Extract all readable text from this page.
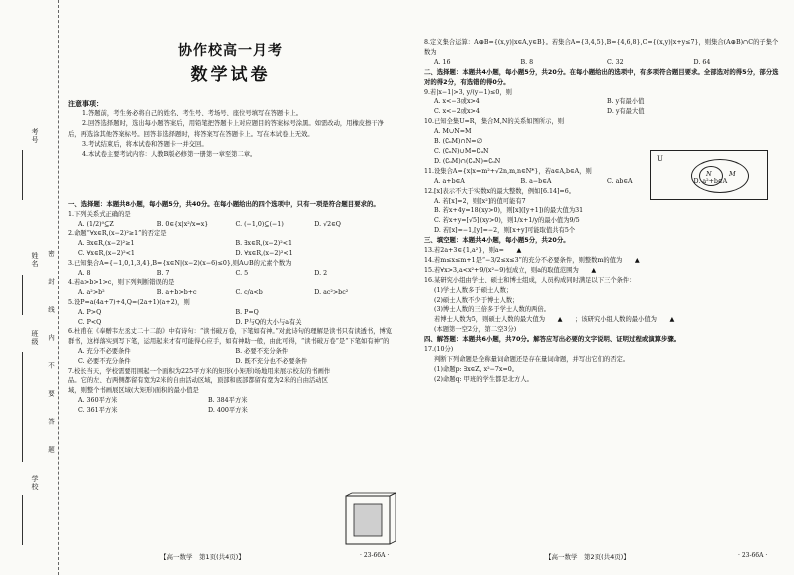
考号
姓名
班级
学校
密
封
线
内
不
要
答
题
协作校高一月考
数学试卷

注意事项：

1.答题前，考生务必将自己的姓名、考生号、考场号、座位号填写在答题卡上。

2.回答选择题时，选出每小题答案后，用铅笔把答题卡上对应题目的答案标号涂黑。如需改动，用橡皮擦干净后，再选涂其他答案标号。回答非选择题时，将答案写在答题卡上。写在本试卷上无效。

3.考试结束后，将本试卷和答题卡一并交回。

4.本试卷主要考试内容：人教B版必修第一册第一章至第二章。

一、选择题：本题共8小题，每小题5分，共40分。在每小题给出的四个选项中，只有一项是符合题目要求的。

1.下列关系式正确的是

A. (1/2)⁰⊆Z	B. 0∈{x|x²/x=x}	C. (−1,0)⊆(−1)	D. √2∈Q

2.命题“∀x∈R,(x−2)²≥1”的否定是

A. ∃x∈R,(x−2)²≥1	B. ∃x∈R,(x−2)²<1
C. ∀x∈R,(x−2)²<1	D. ∀x∈R,(x−2)²<1

3.已知集合A={−1,0,1,3,4},B={x∈N|(x−2)(x−6)≤0},则A∪B的元素个数为

A. 8	B. 7	C. 5	D. 2

4.若a>b>1>c，则下列判断错误的是

A. a²>b²	B. a+b>b+c	C. c/a<b	D. ac²>bc²

5.设P=a(4a+7)+4,Q=(2a+1)(a+2)，则

A. P>Q	B. P=Q
C. P<Q	D. P与Q的大小与a有关

6.杜甫在《奉赠韦左丞丈二十二韵》中有诗句：“读书破万卷，下笔如有神。”对此诗句的理解是读书只有读透书，博览群书，这样落实到写下笔，运用起来才有可能得心应手，如有神助一般，由此可得，“读书破万卷”是“下笔如有神”的

A. 充分不必要条件	B. 必要不充分条件
C. 必要不充分条件	D. 既不充分也不必要条件

7.校长当天，学校需要用围起一个面积为225平方米的矩形(小矩形)场地用来展示校友的书画作品。它的左、右两侧都留有宽为2米的自由活动区域，顶部和底部都留有宽为2米的自由活动区域，则整个书画展区域(大矩形)面积的最小值是

A. 360平方米	B. 384平方米
C. 361平方米	D. 400平方米

8.定义集合运算：A⊕B={(x,y)|x∈A,y∈B}。若集合A={3,4,5},B={4,6,8},C={(x,y)|x+y≤7}，则集合(A⊕B)∩C的子集个数为

A. 16	B. 8	C. 32	D. 64

二、选择题：本题共4小题，每小题5分，共20分。在每小题给出的选项中，有多项符合题目要求。全部选对的得5分，部分选对的得2分，有选错的得0分。

9.若|x−1|>3, y/(y−1)≤0，则

A. x<−3或x>4	B. y有最小值
C. x<−2或x>4	D. y有最大值

10.已知全集U=R，集合M,N的关系如图所示，则

A. M∪N=M

B. (∁ᵤM)∩N=∅

C. (∁ᵤN)∪M=∁ᵤN

D. (∁ᵤM)∩(∁ᵤN)=∁ᵤN

11.设集合A={x|x=m²+√2n,m,n∈N*}，若a∈A,b∈A，则

A. a+b∈A	B. a−b∈A	C. ab∈A	D. a²+b∈A

12.[x]表示不大于实数x的最大整数，例如[6.14]=6。

A. 若[x]=2，则[x²]的值可能有7

B. 若x+4y=18(xy>0)，则[x]([y+1])的最大值为31

C. 若x+y=[√5](xy>0)，则1/x+1/y的最小值为9/5

D. 若[x]=−1,[y]=−2，则[x+y]可能取值共有5个

三、填空题：本题共4小题，每小题5分，共20分。

13.若2a+3∈{1,a²}，则a= ▲

14.若m≤x≤m+1是“−3/2≤x≤3”的充分不必要条件，则整数m的值为 ▲

15.若∀x>3,a<x²+9/(x²−9)恒成立，则a的取值范围为 ▲

16.某研究小组由学士、硕士和博士组成，人员构成同时满足以下三个条件：

(1)学士人数多于硕士人数；

(2)硕士人数不少于博士人数；

(3)博士人数的三倍多于学士人数的两倍。

若博士人数为5，则硕士人数的最大值为 ▲ ；该研究小组人数的最小值为 ▲

(本题第一空2分，第二空3分)

四、解答题：本题共6小题，共70分。解答应写出必要的文字说明、证明过程或演算步骤。

17.(10分)

判断下列命题是全称量词命题还是存在量词命题，并写出它们的否定。

(1)命题p: ∃x∈Z, x²−7x=0。

(2)命题q: 甲班的学生都是北方人。

U
N	M
【高一数学　第1页(共4页)】	· 23-66A ·	【高一数学　第2页(共4页)】	· 23-66A ·
